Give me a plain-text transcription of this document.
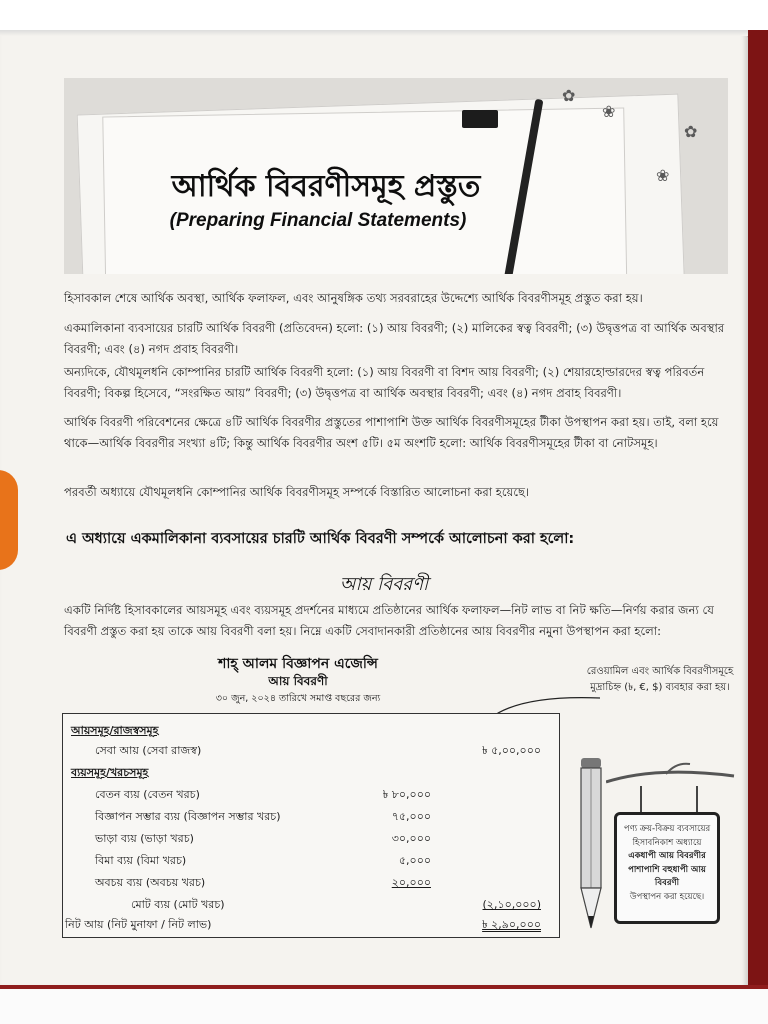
✿
❀
✿
❀
আর্থিক বিবরণীসমূহ প্রস্তুত
(Preparing Financial Statements)
হিসাবকাল শেষে আর্থিক অবস্থা, আর্থিক ফলাফল, এবং আনুষঙ্গিক তথ্য সরবরাহের উদ্দেশ্যে আর্থিক বিবরণীসমূহ প্রস্তুত করা হয়।
একমালিকানা ব্যবসায়ের চারটি আর্থিক বিবরণী (প্রতিবেদন) হলো: (১) আয় বিবরণী; (২) মালিকের স্বত্ব বিবরণী; (৩) উদ্বৃত্তপত্র বা আর্থিক অবস্থার বিবরণী; এবং (৪) নগদ প্রবাহ বিবরণী।
অন্যদিকে, যৌথমূলধনি কোম্পানির চারটি আর্থিক বিবরণী হলো: (১) আয় বিবরণী বা বিশদ আয় বিবরণী; (২) শেয়ারহোল্ডারদের স্বত্ব পরিবর্তন বিবরণী; বিকল্প হিসেবে, “সংরক্ষিত আয়” বিবরণী; (৩) উদ্বৃত্তপত্র বা আর্থিক অবস্থার বিবরণী; এবং (৪) নগদ প্রবাহ বিবরণী।
আর্থিক বিবরণী পরিবেশনের ক্ষেত্রে ৪টি আর্থিক বিবরণীর প্রস্তুতের পাশাপাশি উক্ত আর্থিক বিবরণীসমূহের টীকা উপস্থাপন করা হয়। তাই, বলা হয়ে থাকে—আর্থিক বিবরণীর সংখ্যা ৪টি; কিন্তু আর্থিক বিবরণীর অংশ ৫টি। ৫ম অংশটি হলো: আর্থিক বিবরণীসমূহের টীকা বা নোটসমূহ।
পরবর্তী অধ্যায়ে যৌথমূলধনি কোম্পানির আর্থিক বিবরণীসমূহ সম্পর্কে বিস্তারিত আলোচনা করা হয়েছে।
এ অধ্যায়ে একমালিকানা ব্যবসায়ের চারটি আর্থিক বিবরণী সম্পর্কে আলোচনা করা হলো:
আয় বিবরণী
একটি নির্দিষ্ট হিসাবকালের আয়সমূহ এবং ব্যয়সমূহ প্রদর্শনের মাধ্যমে প্রতিষ্ঠানের আর্থিক ফলাফল—নিট লাভ বা নিট ক্ষতি—নির্ণয় করার জন্য যে বিবরণী প্রস্তুত করা হয় তাকে আয় বিবরণী বলা হয়। নিম্নে একটি সেবাদানকারী প্রতিষ্ঠানের আয় বিবরণীর নমুনা উপস্থাপন করা হলো:
শাহ্ আলম বিজ্ঞাপন এজেন্সি
আয় বিবরণী
৩০ জুন, ২০২৪ তারিখে সমাপ্ত বছরের জন্য
রেওয়ামিল এবং আর্থিক বিবরণীসমূহে মুদ্রাচিহ্ন (৳, €, $) ব্যবহার করা হয়।
আয়সমূহ/রাজস্বসমূহ
সেবা আয় (সেবা রাজস্ব)	৳ ৫,০০,০০০
ব্যয়সমূহ/খরচসমূহ
বেতন ব্যয় (বেতন খরচ)	৳ ৮০,০০০
বিজ্ঞাপন সম্ভার ব্যয় (বিজ্ঞাপন সম্ভার খরচ)	৭৫,০০০
ভাড়া ব্যয় (ভাড়া খরচ)	৩০,০০০
বিমা ব্যয় (বিমা খরচ)	৫,০০০
অবচয় ব্যয় (অবচয় খরচ)	২০,০০০
মোট ব্যয় (মোট খরচ)	(২,১০,০০০)
নিট আয় (নিট মুনাফা / নিট লাভ)	৳ ২,৯০,০০০
পণ্য ক্রয়-বিক্রয় ব্যবসায়ের হিসাবনিকাশ অধ্যায়ে
একধাপী আয় বিবরণীর পাশাপাশি বহুধাপী আয় বিবরণী
উপস্থাপন করা হয়েছে।
